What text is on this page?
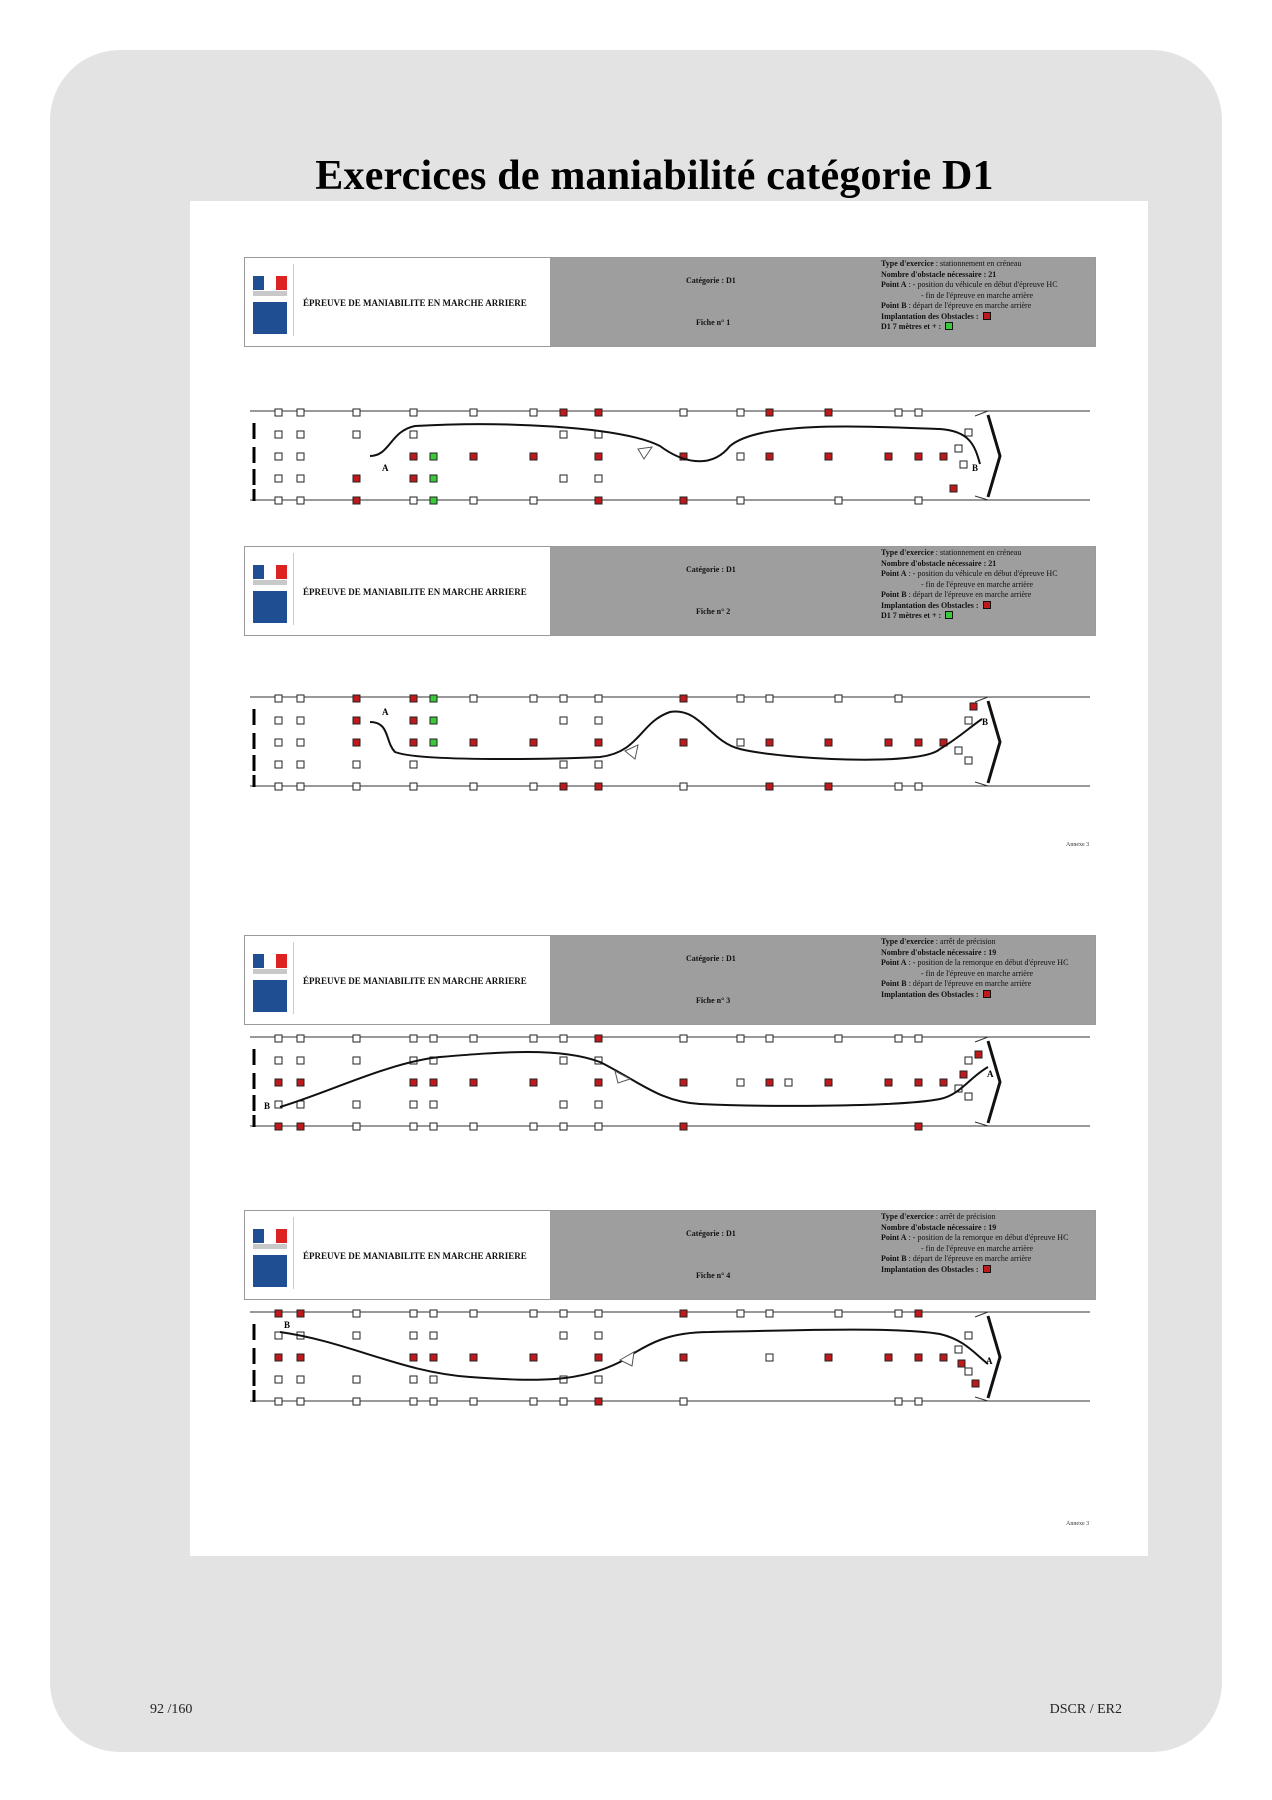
Exercices de maniabilité catégorie D1
ÉPREUVE DE MANIABILITE EN MARCHE ARRIERE
Catégorie : D1
Fiche n° 1
Type d'exercice : stationnement en créneau
Nombre d'obstacle nécessaire : 21
Point A : - position du véhicule en début d'épreuve HC
- fin de l'épreuve en marche arrière
Point B : départ de l'épreuve en marche arrière
Implantation des Obstacles :
D1 7 mètres et + :
ÉPREUVE DE MANIABILITE EN MARCHE ARRIERE
Catégorie : D1
Fiche n° 2
Type d'exercice : stationnement en créneau
Nombre d'obstacle nécessaire : 21
Point A : - position du véhicule en début d'épreuve HC
- fin de l'épreuve en marche arrière
Point B : départ de l'épreuve en marche arrière
Implantation des Obstacles :
D1 7 mètres et + :
ÉPREUVE DE MANIABILITE EN MARCHE ARRIERE
Catégorie : D1
Fiche n° 3
Type d'exercice : arrêt de précision
Nombre d'obstacle nécessaire : 19
Point A : - position de la remorque en début d'épreuve HC
- fin de l'épreuve en marche arrière
Point B : départ de l'épreuve en marche arrière
Implantation des Obstacles :
ÉPREUVE DE MANIABILITE EN MARCHE ARRIERE
Catégorie : D1
Fiche n° 4
Type d'exercice : arrêt de précision
Nombre d'obstacle nécessaire : 19
Point A : - position de la remorque en début d'épreuve HC
- fin de l'épreuve en marche arrière
Point B : départ de l'épreuve en marche arrière
Implantation des Obstacles :
A	B
A
B
A
B
A
B
Annexe 3
Annexe 3
92 /160	DSCR / ER2
